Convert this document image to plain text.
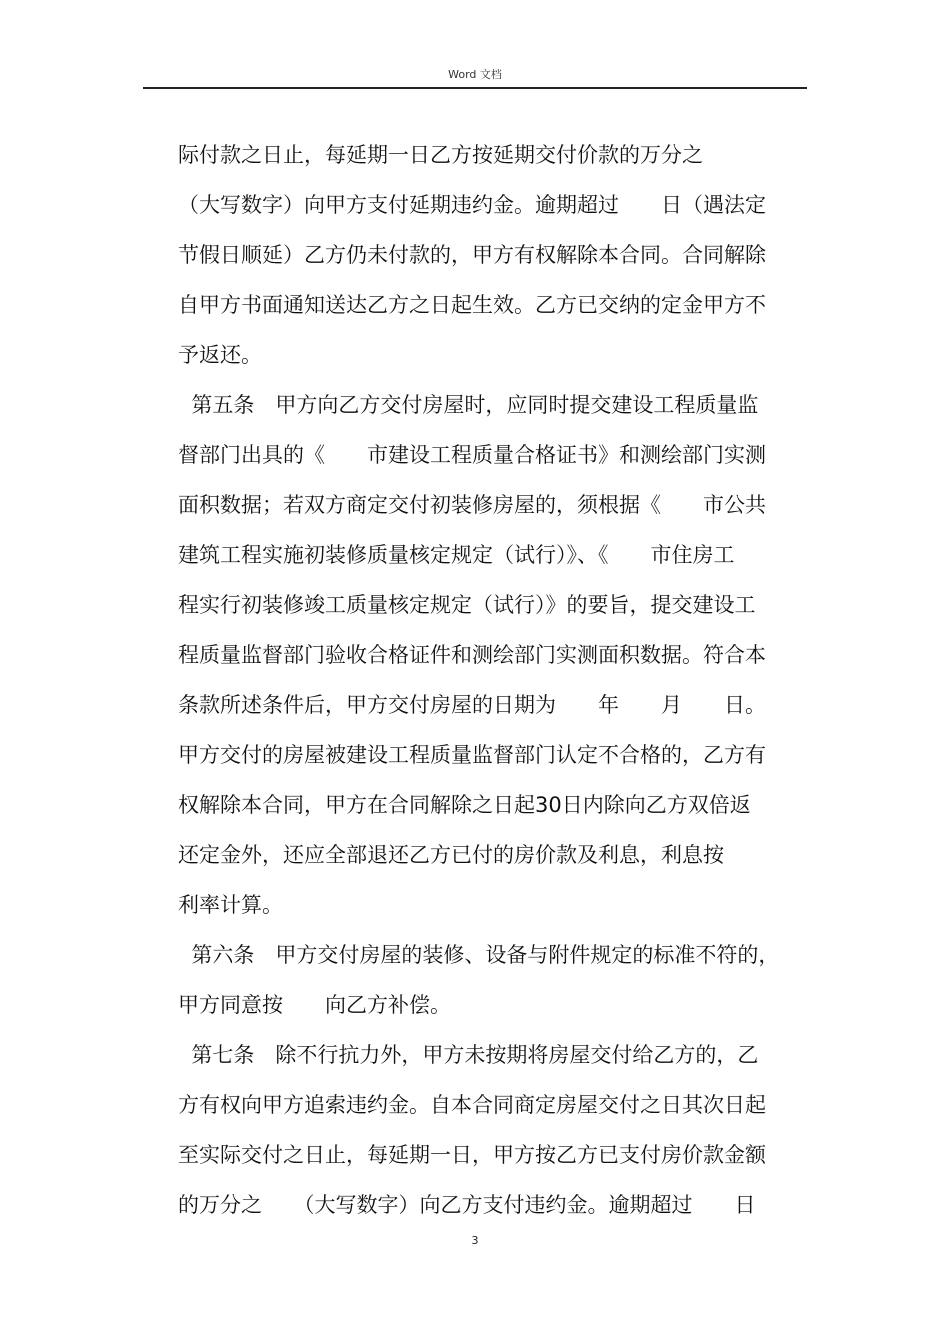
Word 文档
际付款之日止，每延期一日乙方按延期交付价款的万分之
（大写数字）向甲方支付延期违约金。逾期超过　　日（遇法定
节假日顺延）乙方仍未付款的，甲方有权解除本合同。合同解除
自甲方书面通知送达乙方之日起生效。乙方已交纳的定金甲方不
予返还。
第五条　甲方向乙方交付房屋时，应同时提交建设工程质量监
督部门出具的《　　市建设工程质量合格证书》和测绘部门实测
面积数据；若双方商定交付初装修房屋的，须根据《　　市公共
建筑工程实施初装修质量核定规定（试行）》、《　　市住房工
程实行初装修竣工质量核定规定（试行）》的要旨，提交建设工
程质量监督部门验收合格证件和测绘部门实测面积数据。符合本
条款所述条件后，甲方交付房屋的日期为　　年　　月　　日。
甲方交付的房屋被建设工程质量监督部门认定不合格的，乙方有
权解除本合同，甲方在合同解除之日起30日内除向乙方双倍返
还定金外，还应全部退还乙方已付的房价款及利息，利息按
利率计算。
第六条　甲方交付房屋的装修、设备与附件规定的标准不符的，
甲方同意按　　向乙方补偿。
第七条　除不行抗力外，甲方未按期将房屋交付给乙方的，乙
方有权向甲方追索违约金。自本合同商定房屋交付之日其次日起
至实际交付之日止，每延期一日，甲方按乙方已支付房价款金额
的万分之　　（大写数字）向乙方支付违约金。逾期超过　　日
3
